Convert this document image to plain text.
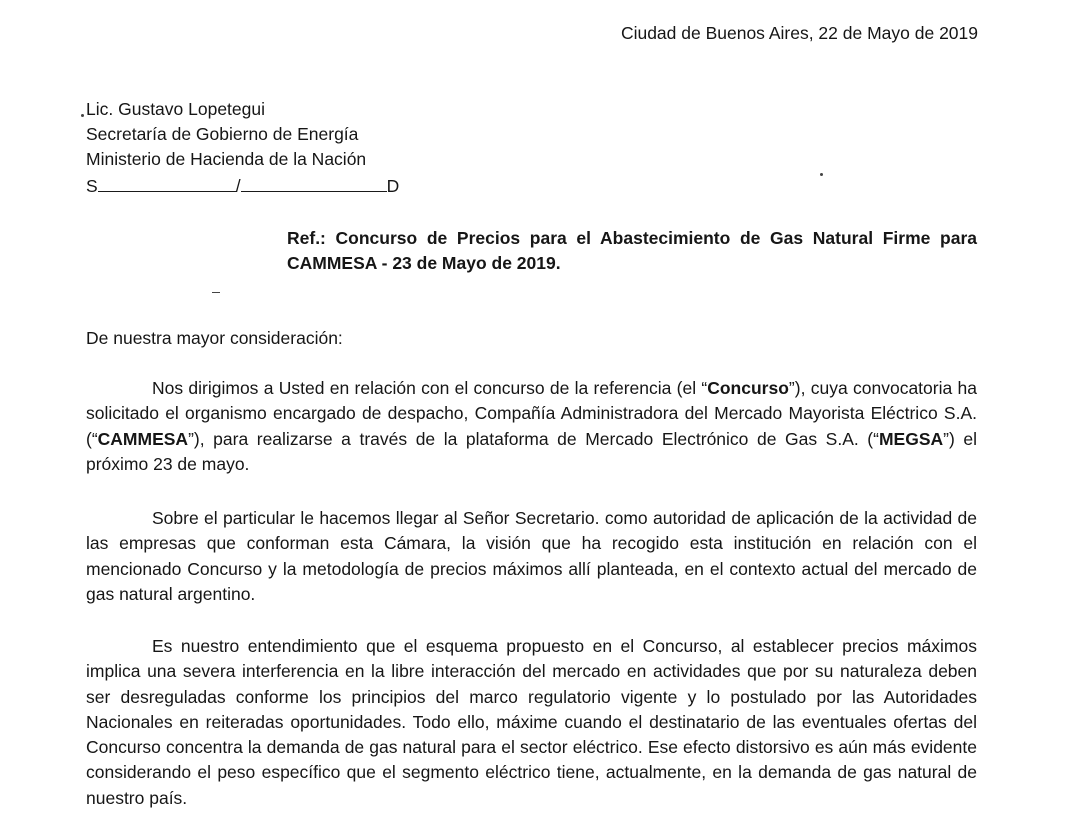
Ciudad de Buenos Aires, 22 de Mayo de 2019
Lic. Gustavo Lopetegui
Secretaría de Gobierno de Energía
Ministerio de Hacienda de la Nación
S	/	D
Ref.: Concurso de Precios para el Abastecimiento de Gas Natural Firme para CAMMESA - 23 de Mayo de 2019.
De nuestra mayor consideración:
Nos dirigimos a Usted en relación con el concurso de la referencia (el “Concurso”), cuya convocatoria ha solicitado el organismo encargado de despacho, Compañía Administradora del Mercado Mayorista Eléctrico S.A. (“CAMMESA”), para realizarse a través de la plataforma de Mercado Electrónico de Gas S.A. (“MEGSA”) el próximo 23 de mayo.
Sobre el particular le hacemos llegar al Señor Secretario. como autoridad de aplicación de la actividad de las empresas que conforman esta Cámara, la visión que ha recogido esta institución en relación con el mencionado Concurso y la metodología de precios máximos allí planteada, en el contexto actual del mercado de gas natural argentino.
Es nuestro entendimiento que el esquema propuesto en el Concurso, al establecer precios máximos implica una severa interferencia en la libre interacción del mercado en actividades que por su naturaleza deben ser desreguladas conforme los principios del marco regulatorio vigente y lo postulado por las Autoridades Nacionales en reiteradas oportunidades. Todo ello, máxime cuando el destinatario de las eventuales ofertas del Concurso concentra la demanda de gas natural para el sector eléctrico. Ese efecto distorsivo es aún más evidente considerando el peso específico que el segmento eléctrico tiene, actualmente, en la demanda de gas natural de nuestro país.
